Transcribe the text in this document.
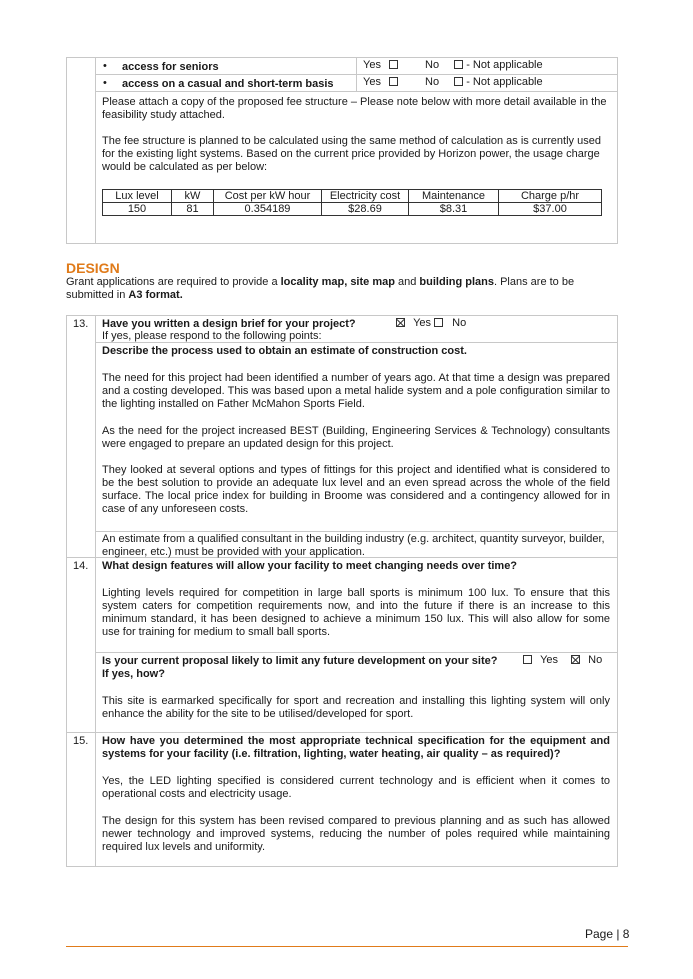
• access for seniors	Yes	No - Not applicable
• access on a casual and short-term basis	Yes	No - Not applicable

Please attach a copy of the proposed fee structure – Please note below with more detail available in the feasibility study attached.

The fee structure is planned to be calculated using the same method of calculation as is currently used for the existing light systems. Based on the current price provided by Horizon power, the usage charge would be calculated as per below:

Lux level	kW	Cost per kW hour	Electricity cost	Maintenance	Charge p/hr
150	81	0.354189	$28.69	$8.31	$37.00
DESIGN

Grant applications are required to provide a locality map, site map and building plans. Plans are to be submitted in A3 format.

13. Have you written a design brief for your project?	Yes No
If yes, please respond to the following points:
Describe the process used to obtain an estimate of construction cost.

The need for this project had been identified a number of years ago. At that time a design was prepared and a costing developed. This was based upon a metal halide system and a pole configuration similar to the lighting installed on Father McMahon Sports Field.

As the need for the project increased BEST (Building, Engineering Services & Technology) consultants were engaged to prepare an updated design for this project.

They looked at several options and types of fittings for this project and identified what is considered to be the best solution to provide an adequate lux level and an even spread across the whole of the field surface. The local price index for building in Broome was considered and a contingency allowed for in case of any unforeseen costs.

An estimate from a qualified consultant in the building industry (e.g. architect, quantity surveyor, builder, engineer, etc.) must be provided with your application.

14. What design features will allow your facility to meet changing needs over time?

Lighting levels required for competition in large ball sports is minimum 100 lux. To ensure that this system caters for competition requirements now, and into the future if there is an increase to this minimum standard, it has been designed to achieve a minimum 150 lux. This will also allow for some use for training for medium to small ball sports.

Is your current proposal likely to limit any future development on your site?	Yes	No
If yes, how?

This site is earmarked specifically for sport and recreation and installing this lighting system will only enhance the ability for the site to be utilised/developed for sport.

15. How have you determined the most appropriate technical specification for the equipment and systems for your facility (i.e. filtration, lighting, water heating, air quality – as required)?

Yes, the LED lighting specified is considered current technology and is efficient when it comes to operational costs and electricity usage.

The design for this system has been revised compared to previous planning and as such has allowed newer technology and improved systems, reducing the number of poles required while maintaining required lux levels and uniformity.

Page | 8
